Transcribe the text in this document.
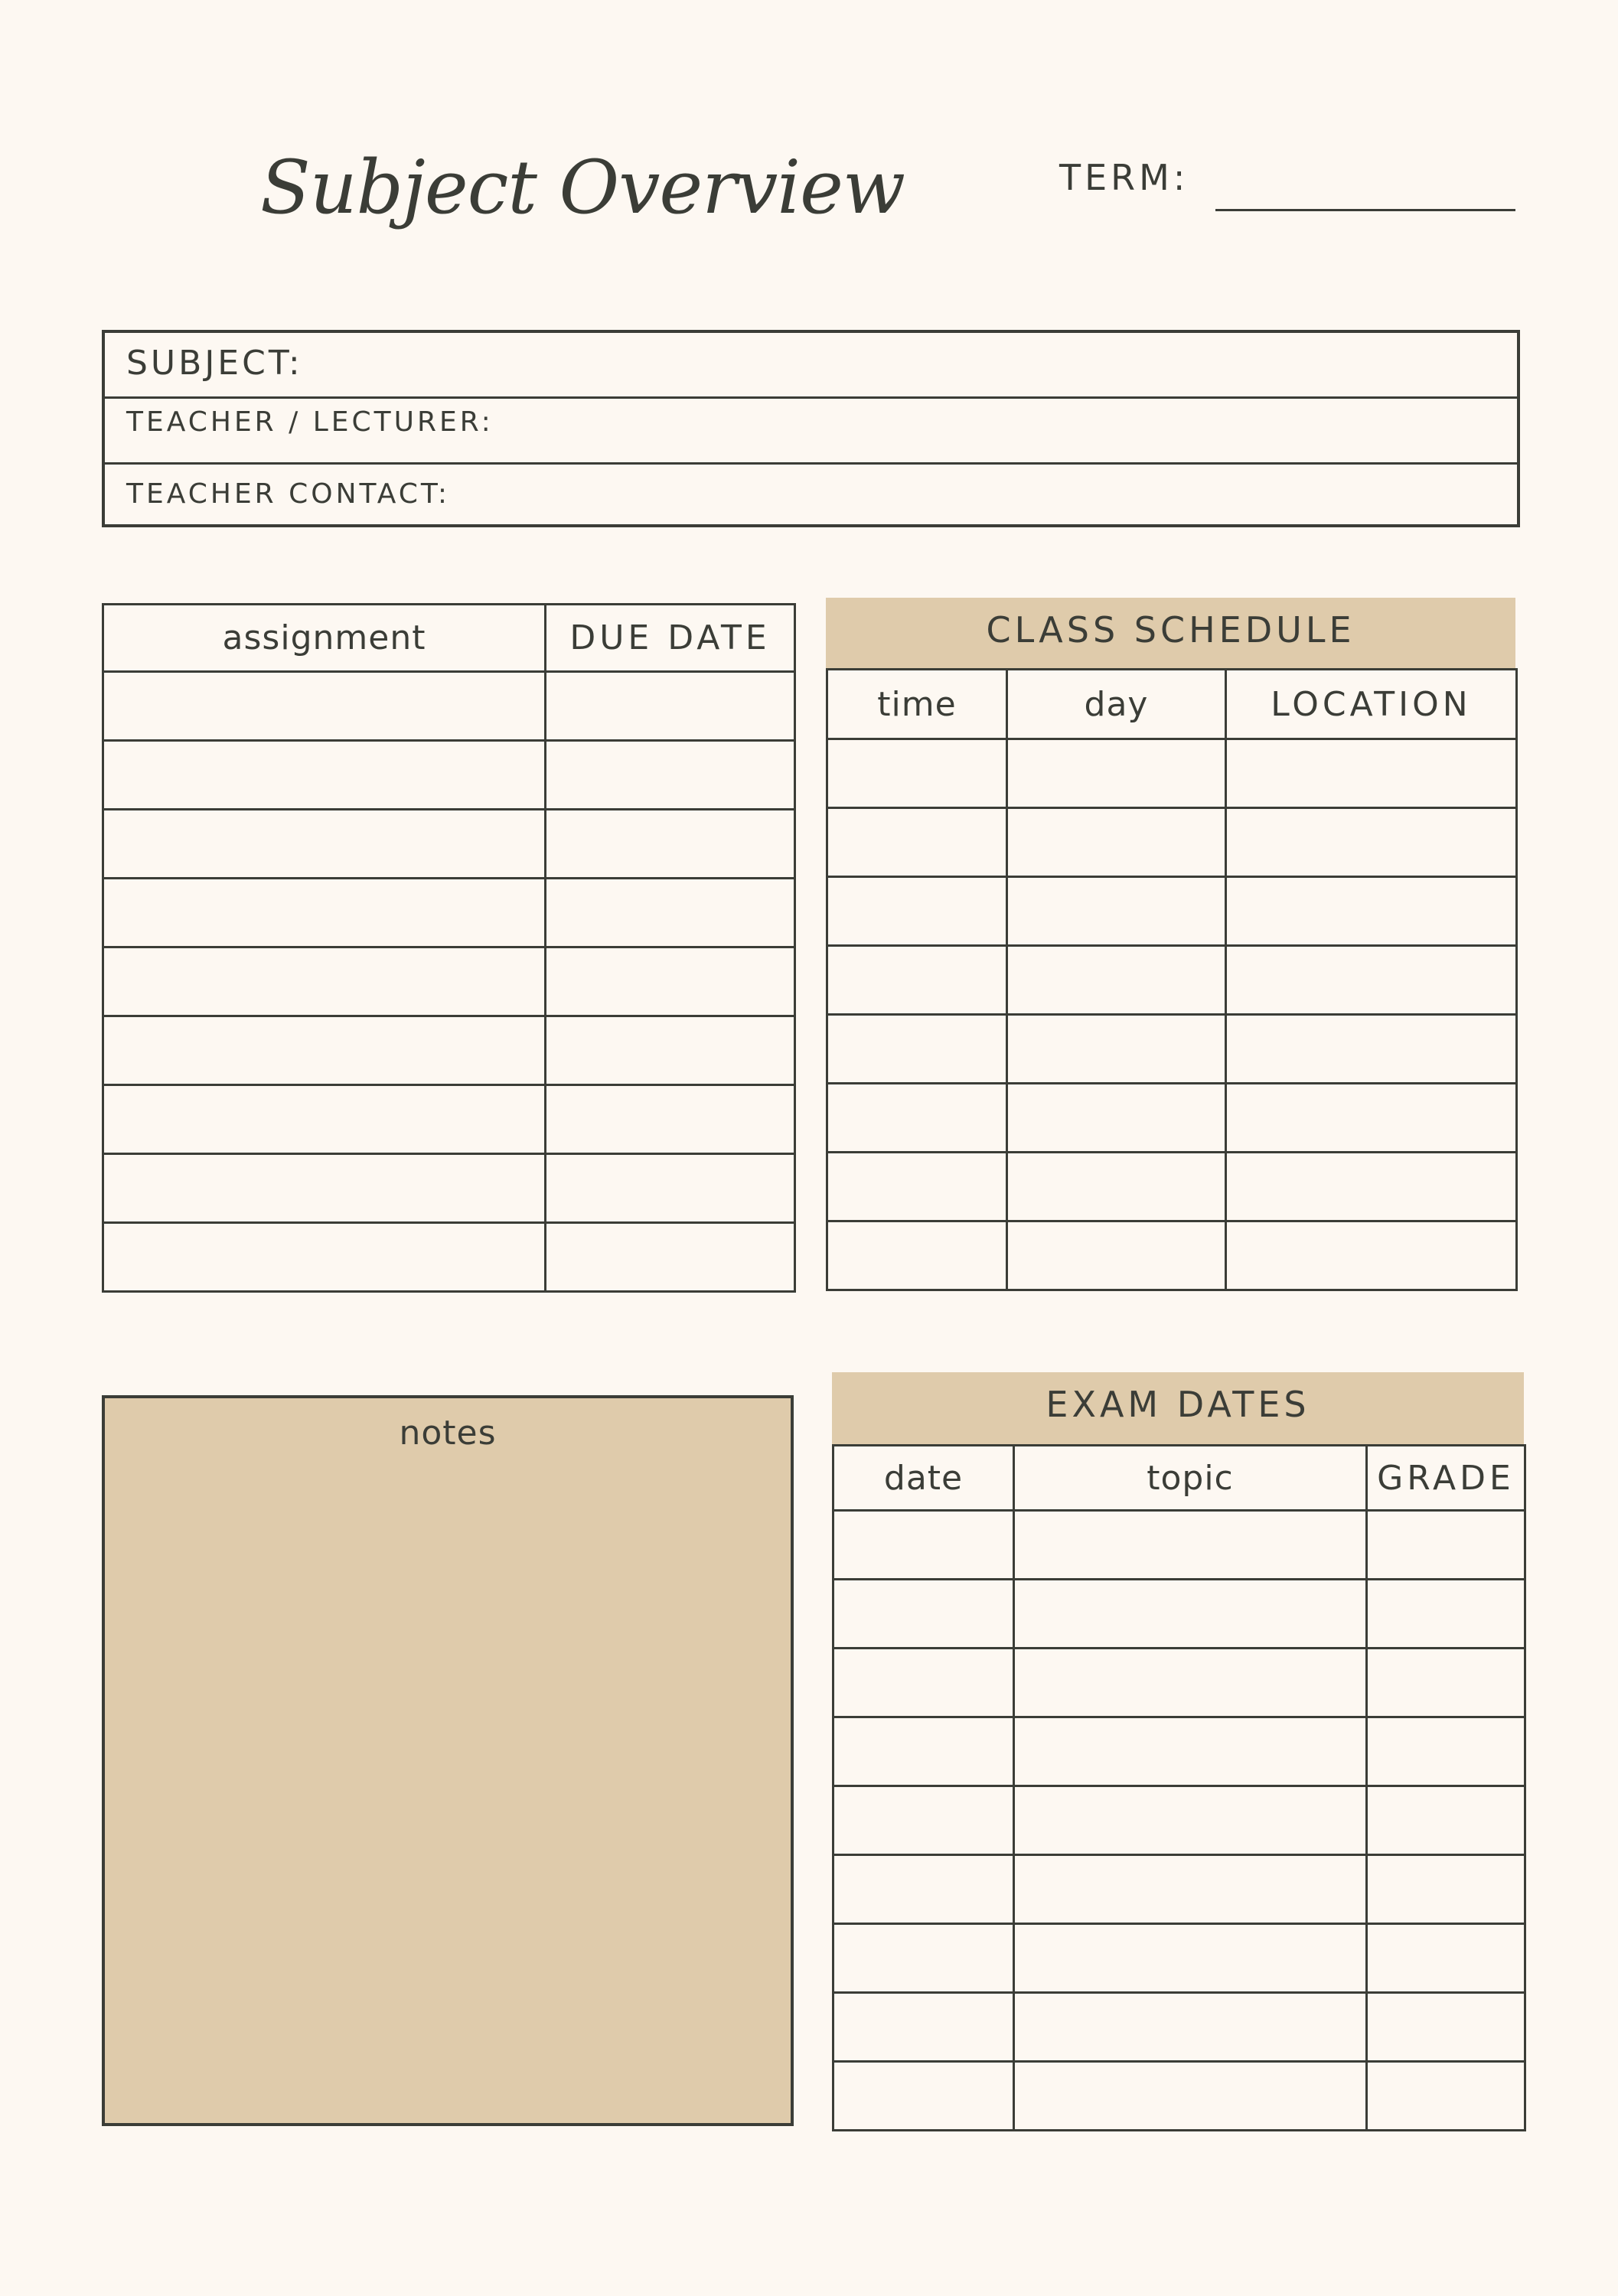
Subject Overview	TERM:
SUBJECT:
TEACHER / LECTURER:
TEACHER CONTACT:
assignment	DUE DATE

		CLASS SCHEDULE
time	day	LOCATION

notes
EXAM DATES
date	topic	GRADE
